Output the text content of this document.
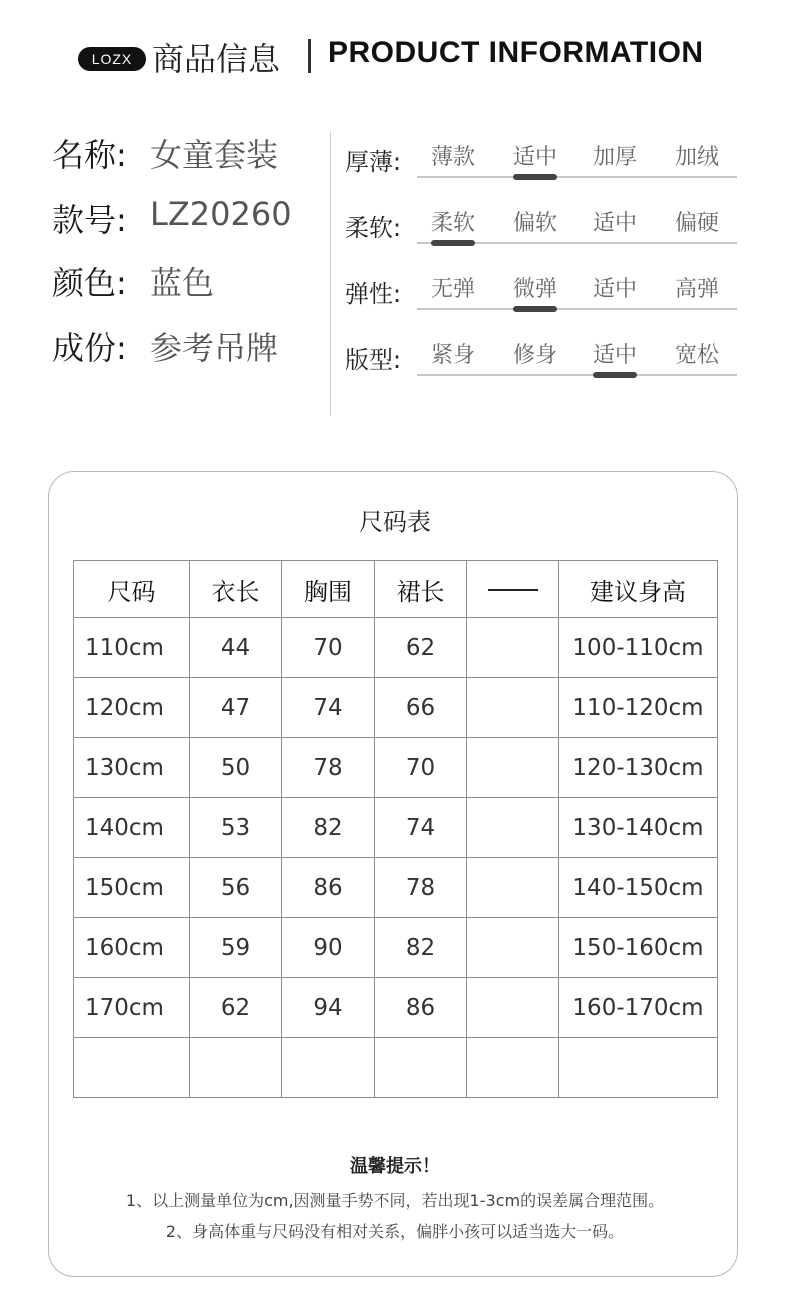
LOZX 商品信息 PRODUCT INFORMATION
名称: 女童套装
款号: LZ20260
颜色: 蓝色
成份: 参考吊牌
厚薄:	薄款	适中	加厚	加绒
柔软:	柔软	偏软	适中	偏硬
弹性:	无弹	微弹	适中	高弹
版型:	紧身	修身	适中	宽松
尺码表
尺码	衣长	胸围	裙长		建议身高
110cm	44	70	62		100-110cm
120cm	47	74	66		110-120cm
130cm	50	78	70		120-130cm
140cm	53	82	74		130-140cm
150cm	56	86	78		140-150cm
160cm	59	90	82		150-160cm
170cm	62	94	86		160-170cm

温馨提示！
1、以上测量单位为cm,因测量手势不同，若出现1-3cm的误差属合理范围。
2、身高体重与尺码没有相对关系，偏胖小孩可以适当选大一码。
